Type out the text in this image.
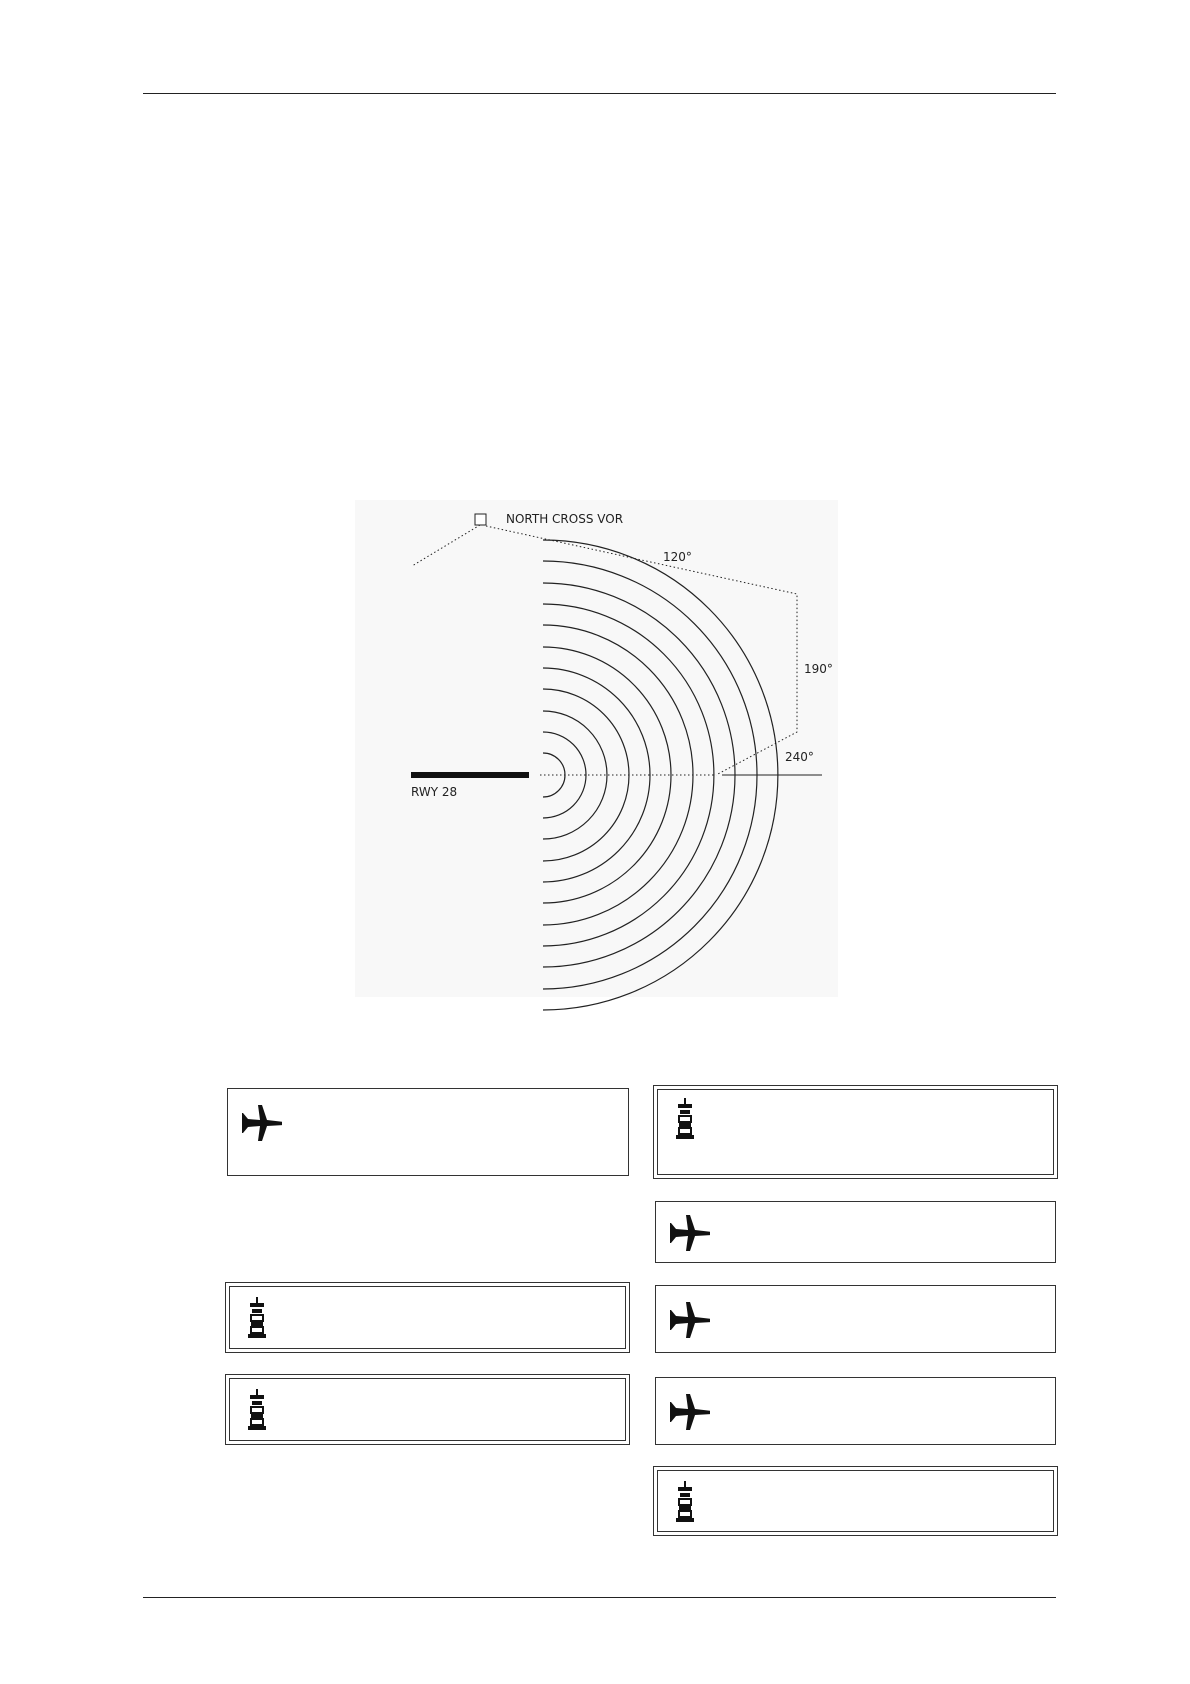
NORTH CROSS VOR
120°
190°
240°
RWY 28
